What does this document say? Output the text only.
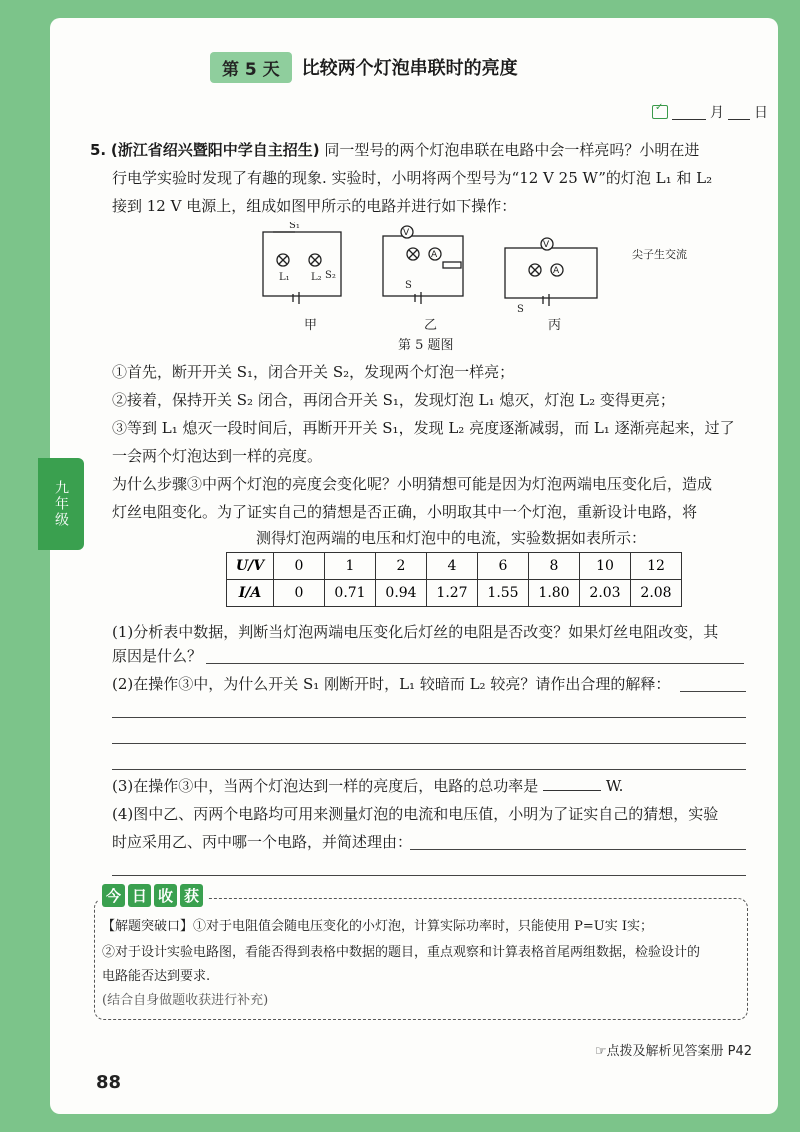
第 5 天	比较两个灯泡串联时的亮度
✓
月 日
九年级
5. (浙江省绍兴暨阳中学自主招生) 同一型号的两个灯泡串联在电路中会一样亮吗？小明在进
行电学实验时发现了有趣的现象. 实验时，小明将两个型号为“12 V 25 W”的灯泡 L₁ 和 L₂
接到 12 V 电源上，组成如图甲所示的电路并进行如下操作：
S₁
L₁ L₂ S₂
V
A
V
A
S
S
尖子生交流
甲	乙	丙
第 5 题图
①首先，断开开关 S₁，闭合开关 S₂，发现两个灯泡一样亮；
②接着，保持开关 S₂ 闭合，再闭合开关 S₁，发现灯泡 L₁ 熄灭，灯泡 L₂ 变得更亮；
③等到 L₁ 熄灭一段时间后，再断开开关 S₁，发现 L₂ 亮度逐渐减弱，而 L₁ 逐渐亮起来，过了
一会两个灯泡达到一样的亮度。
为什么步骤③中两个灯泡的亮度会变化呢？小明猜想可能是因为灯泡两端电压变化后，造成
灯丝电阻变化。为了证实自己的猜想是否正确，小明取其中一个灯泡，重新设计电路，将
测得灯泡两端的电压和灯泡中的电流，实验数据如表所示：
U/V	0	1	2	4	6	8	10	12
I/A	0	0.71	0.94	1.27	1.55	1.80	2.03	2.08
(1)分析表中数据，判断当灯泡两端电压变化后灯丝的电阻是否改变？如果灯丝电阻改变，其
原因是什么？
(2)在操作③中，为什么开关 S₁ 刚断开时，L₁ 较暗而 L₂ 较亮？请作出合理的解释：
(3)在操作③中，当两个灯泡达到一样的亮度后，电路的总功率是	W.
(4)图中乙、丙两个电路均可用来测量灯泡的电流和电压值，小明为了证实自己的猜想，实验
时应采用乙、丙中哪一个电路，并简述理由：
今 日 收 获
【解题突破口】①对于电阻值会随电压变化的小灯泡，计算实际功率时，只能使用 P=U实 I实；
②对于设计实验电路图，看能否得到表格中数据的题目，重点观察和计算表格首尾两组数据，检验设计的
电路能否达到要求.
(结合自身做题收获进行补充)
☞点拨及解析见答案册 P42
88
